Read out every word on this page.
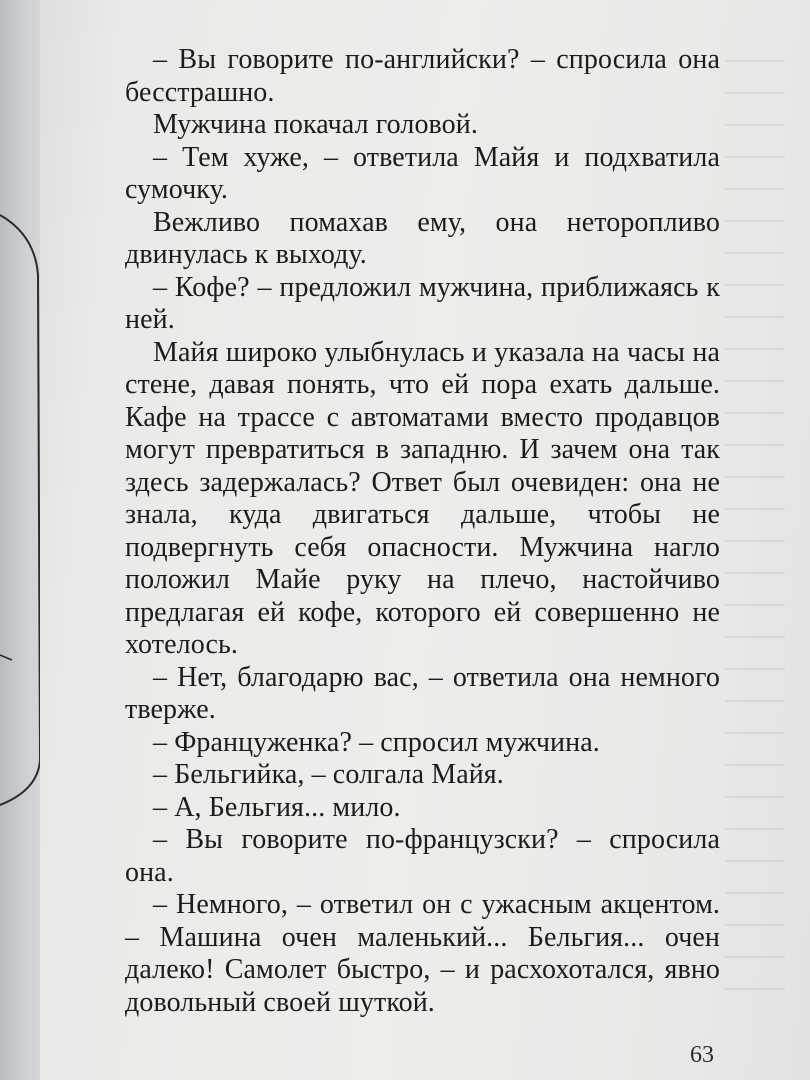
– Вы говорите по-английски? – спросила она бесстрашно.

Мужчина покачал головой.

– Тем хуже, – ответила Майя и подхватила сумочку.

Вежливо помахав ему, она неторопливо двинулась к выходу.

– Кофе? – предложил мужчина, приближаясь к ней.

Майя широко улыбнулась и указала на часы на стене, давая понять, что ей пора ехать дальше. Кафе на трассе с автоматами вместо продавцов могут превратиться в западню. И зачем она так здесь задержалась? Ответ был очевиден: она не знала, куда двигаться дальше, чтобы не подвергнуть себя опасности. Мужчина нагло положил Майе руку на плечо, настойчиво предлагая ей кофе, которого ей совершенно не хотелось.

– Нет, благодарю вас, – ответила она немного тверже.

– Француженка? – спросил мужчина.

– Бельгийка, – солгала Майя.

– А, Бельгия... мило.

– Вы говорите по-французски? – спросила она.

– Немного, – ответил он с ужасным акцентом. – Машина очен маленький... Бельгия... очен далеко! Самолет быстро, – и расхохотался, явно довольный своей шуткой.

63
